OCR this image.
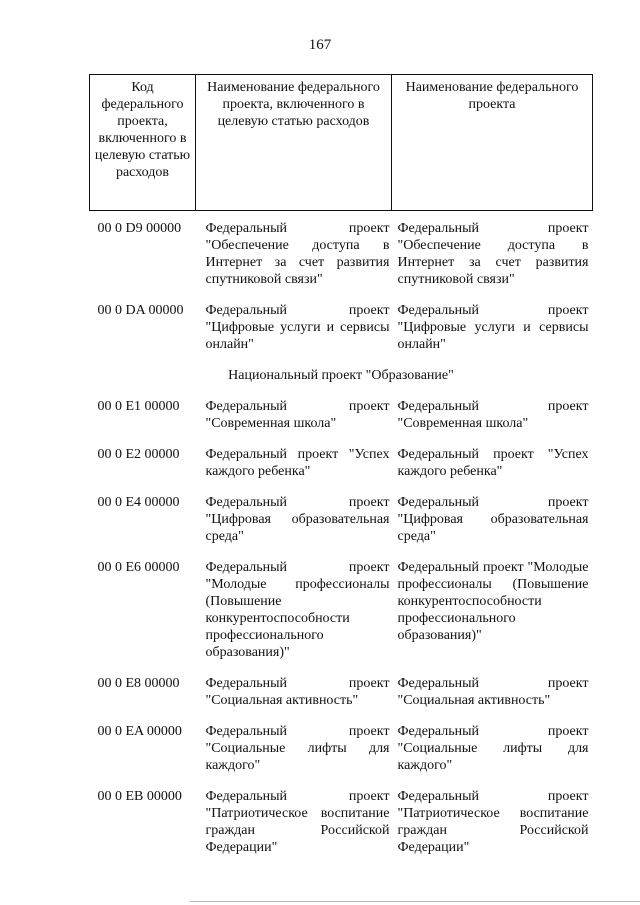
167
Код федерального проекта, включенного в целевую статью расходов	Наименование федерального проекта, включенного в целевую статью расходов	Наименование федерального проекта

00 0 D9 00000	Федеральный проект "Обеспечение доступа в Интернет за счет развития спутниковой связи"	Федеральный проект "Обеспечение доступа в Интернет за счет развития спутниковой связи"

00 0 DA 00000	Федеральный проект "Цифровые услуги и сервисы онлайн"	Федеральный проект "Цифровые услуги и сервисы онлайн"

Национальный проект "Образование"		

00 0 E1 00000	Федеральный проект "Современная школа"	Федеральный проект "Современная школа"

00 0 E2 00000	Федеральный проект "Успех каждого ребенка"	Федеральный проект "Успех каждого ребенка"

00 0 E4 00000	Федеральный проект "Цифровая образовательная среда"	Федеральный проект "Цифровая образовательная среда"

00 0 E6 00000	Федеральный проект "Молодые профессионалы (Повышение конкурентоспособности профессионального образования)"	Федеральный проект "Молодые профессионалы (Повышение конкурентоспособности профессионального образования)"

00 0 E8 00000	Федеральный проект "Социальная активность"	Федеральный проект "Социальная активность"

00 0 EA 00000	Федеральный проект "Социальные лифты для каждого"	Федеральный проект "Социальные лифты для каждого"

00 0 EB 00000	Федеральный проект "Патриотическое воспитание граждан Российской Федерации"	Федеральный проект "Патриотическое воспитание граждан Российской Федерации"
